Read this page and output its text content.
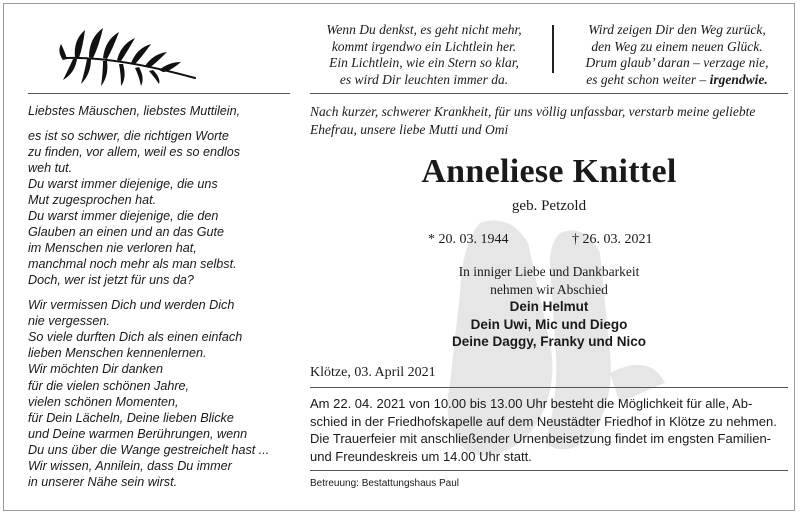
Wenn Du denkst, es geht nicht mehr,
kommt irgendwo ein Lichtlein her.
Ein Lichtlein, wie ein Stern so klar,
es wird Dir leuchten immer da.
Wird zeigen Dir den Weg zurück,
den Weg zu einem neuen Glück.
Drum glaub’ daran – verzage nie,
es geht schon weiter – irgendwie.
Liebstes Mäuschen, liebstes Muttilein,
es ist so schwer, die richtigen Worte
zu finden, vor allem, weil es so endlos
weh tut.
Du warst immer diejenige, die uns
Mut zugesprochen hat.
Du warst immer diejenige, die den
Glauben an einen und an das Gute
im Menschen nie verloren hat,
manchmal noch mehr als man selbst.
Doch, wer ist jetzt für uns da?
Wir vermissen Dich und werden Dich
nie vergessen.
So viele durften Dich als einen einfach
lieben Menschen kennenlernen.
Wir möchten Dir danken
für die vielen schönen Jahre,
vielen schönen Momenten,
für Dein Lächeln, Deine lieben Blicke
und Deine warmen Berührungen, wenn
Du uns über die Wange gestreichelt hast ...
Wir wissen, Annilein, dass Du immer
in unserer Nähe sein wirst.
Nach kurzer, schwerer Krankheit, für uns völlig unfassbar, verstarb meine geliebte
Ehefrau, unsere liebe Mutti und Omi
Anneliese Knittel
geb. Petzold
* 20. 03. 1944	† 26. 03. 2021
In inniger Liebe und Dankbarkeit
nehmen wir Abschied
Dein Helmut
Dein Uwi, Mic und Diego
Deine Daggy, Franky und Nico
Klötze, 03. April 2021
Am 22. 04. 2021 von 10.00 bis 13.00 Uhr besteht die Möglichkeit für alle, Ab-
schied in der Friedhofskapelle auf dem Neustädter Friedhof in Klötze zu nehmen.
Die Trauerfeier mit anschließender Urnenbeisetzung findet im engsten Familien-
und Freundeskreis um 14.00 Uhr statt.
Betreuung: Bestattungshaus Paul
